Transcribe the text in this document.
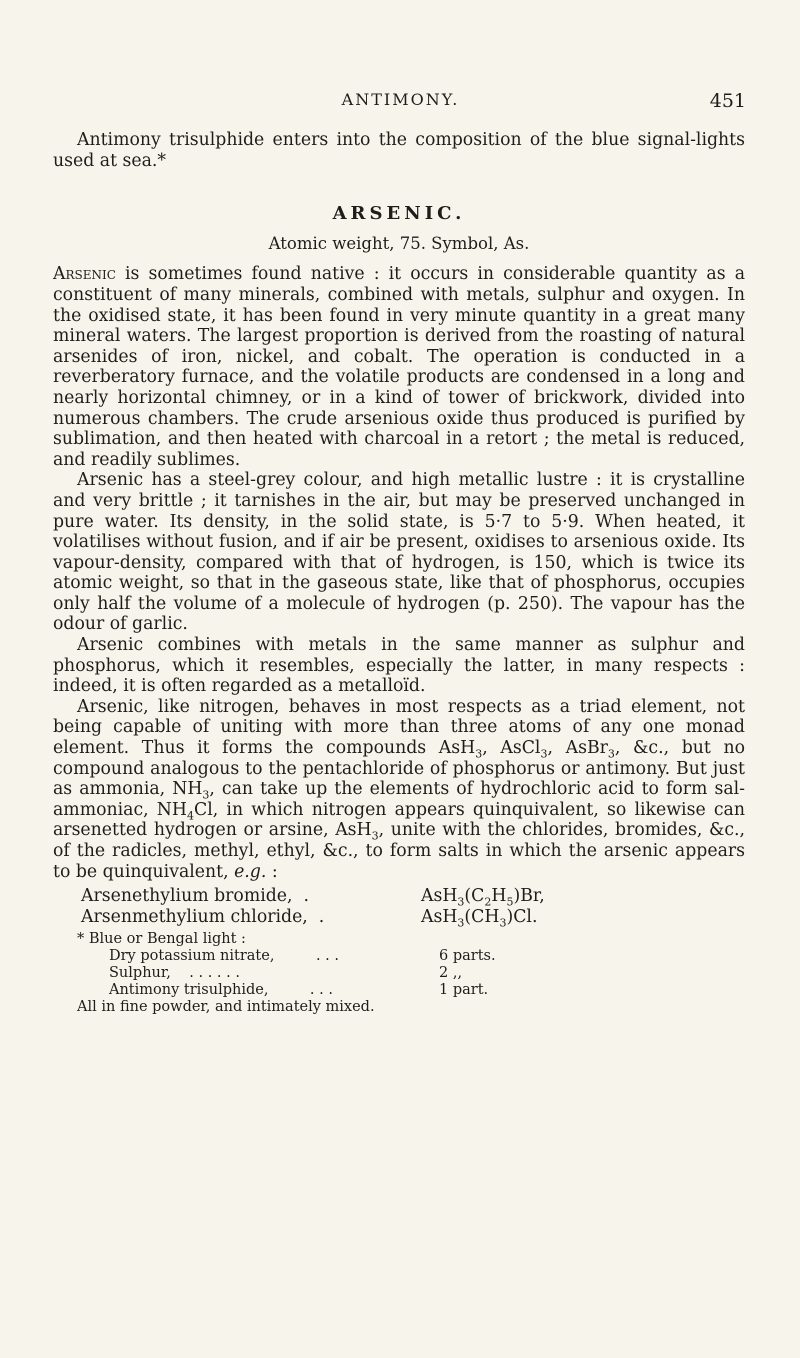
ANTIMONY.	451

Antimony trisulphide enters into the composition of the blue signal-lights used at sea.*

ARSENIC.
Atomic weight, 75. Symbol, As.

Arsenic is sometimes found native : it occurs in considerable quantity as a constituent of many minerals, combined with metals, sulphur and oxygen. In the oxidised state, it has been found in very minute quantity in a great many mineral waters. The largest proportion is derived from the roasting of natural arsenides of iron, nickel, and cobalt. The operation is conducted in a reverberatory furnace, and the volatile products are condensed in a long and nearly horizontal chimney, or in a kind of tower of brickwork, divided into numerous chambers. The crude arsenious oxide thus produced is purified by sublimation, and then heated with charcoal in a retort ; the metal is reduced, and readily sublimes.

Arsenic has a steel-grey colour, and high metallic lustre : it is crystalline and very brittle ; it tarnishes in the air, but may be preserved unchanged in pure water. Its density, in the solid state, is 5·7 to 5·9. When heated, it volatilises without fusion, and if air be present, oxidises to arsenious oxide. Its vapour-density, compared with that of hydrogen, is 150, which is twice its atomic weight, so that in the gaseous state, like that of phosphorus, occupies only half the volume of a molecule of hydrogen (p. 250). The vapour has the odour of garlic.

Arsenic combines with metals in the same manner as sulphur and phosphorus, which it resembles, especially the latter, in many respects : indeed, it is often regarded as a metalloïd.

Arsenic, like nitrogen, behaves in most respects as a triad element, not being capable of uniting with more than three atoms of any one monad element. Thus it forms the compounds AsH$_3$, AsCl$_3$, AsBr$_3$, &c., but no compound analogous to the pentachloride of phosphorus or antimony. But just as ammonia, $NH_3$, can take up the elements of hydrochloric acid to form sal-ammoniac, $NH_4Cl$, in which nitrogen appears quinquivalent, so likewise can arsenetted hydrogen or arsine, AsH$_3$, unite with the chlorides, bromides, &c., of the radicles, methyl, ethyl, &c., to form salts in which the arsenic appears to be quinquivalent, e.g. :

Arsenethylium bromide, .	$AsH_3(C_2H_5)Br$,
Arsenmethylium chloride, .	$AsH_3(CH_3)Cl$.
* Blue or Bengal light :
Dry potassium nitrate, . . .	6 parts.
Sulphur, . . . . . .	2 ,,
Antimony trisulphide, . . .	1 part.
All in fine powder, and intimately mixed.
